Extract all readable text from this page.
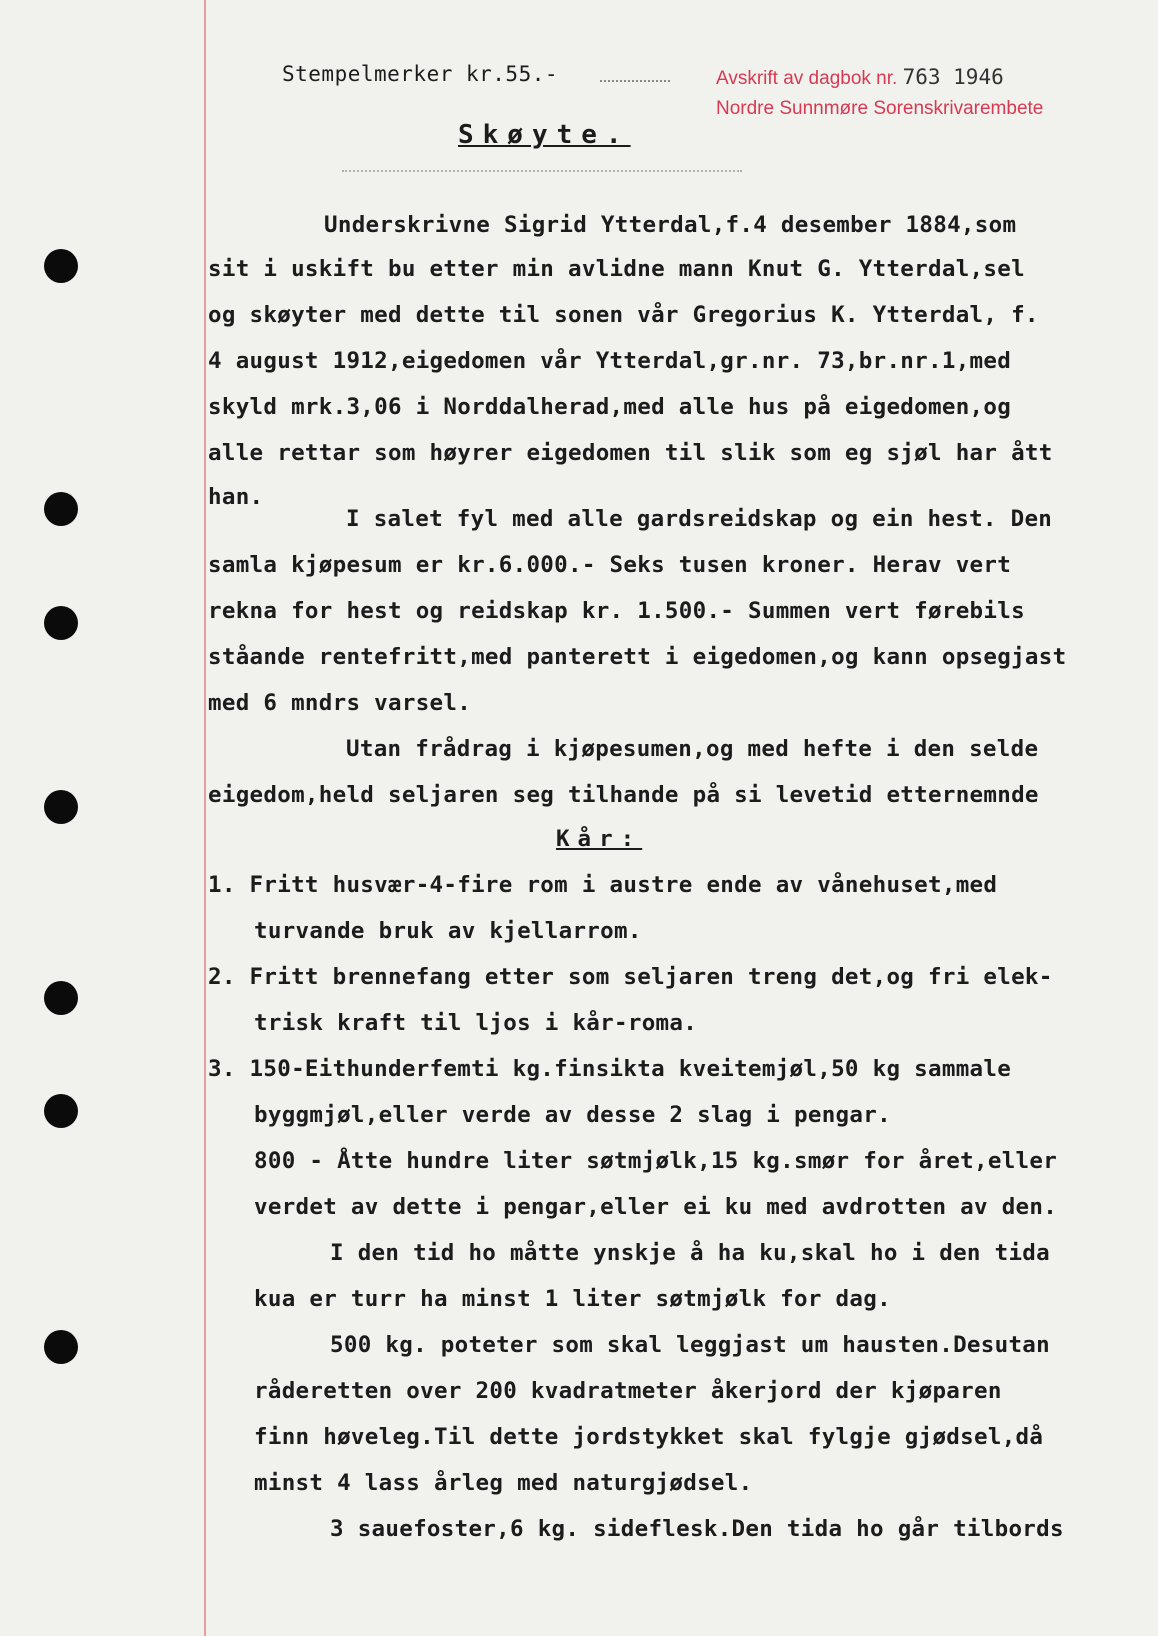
Stempelmerker kr.55.-	Avskrift av dagbok nr. 763 1946
Nordre Sunnmøre Sorenskrivarembete
Skøyte.
Underskrivne Sigrid Ytterdal,f.4 desember 1884,som
sit i uskift bu etter min avlidne mann Knut G. Ytterdal,sel
og skøyter med dette til sonen vår Gregorius K. Ytterdal, f.
4 august 1912,eigedomen vår Ytterdal,gr.nr. 73,br.nr.1,med
skyld mrk.3,06 i Norddalherad,med alle hus på eigedomen,og
alle rettar som høyrer eigedomen til slik som eg sjøl har ått
han.
I salet fyl med alle gardsreidskap og ein hest. Den
samla kjøpesum er kr.6.000.- Seks tusen kroner. Herav vert
rekna for hest og reidskap kr. 1.500.- Summen vert førebils
ståande rentefritt,med panterett i eigedomen,og kann opsegjast
med 6 mndrs varsel.
Utan frådrag i kjøpesumen,og med hefte i den selde
eigedom,held seljaren seg tilhande på si levetid etternemnde
Kår:
1. Fritt husvær-4-fire rom i austre ende av vånehuset,med
turvande bruk av kjellarrom.
2. Fritt brennefang etter som seljaren treng det,og fri elek-
trisk kraft til ljos i kår-roma.
3. 150-Eithunderfemti kg.finsikta kveitemjøl,50 kg sammale
byggmjøl,eller verde av desse 2 slag i pengar.
800 - Åtte hundre liter søtmjølk,15 kg.smør for året,eller
verdet av dette i pengar,eller ei ku med avdrotten av den.
I den tid ho måtte ynskje å ha ku,skal ho i den tida
kua er turr ha minst 1 liter søtmjølk for dag.
500 kg. poteter som skal leggjast um hausten.Desutan
råderetten over 200 kvadratmeter åkerjord der kjøparen
finn høveleg.Til dette jordstykket skal fylgje gjødsel,då
minst 4 lass årleg med naturgjødsel.
3 sauefoster,6 kg. sideflesk.Den tida ho går tilbords
